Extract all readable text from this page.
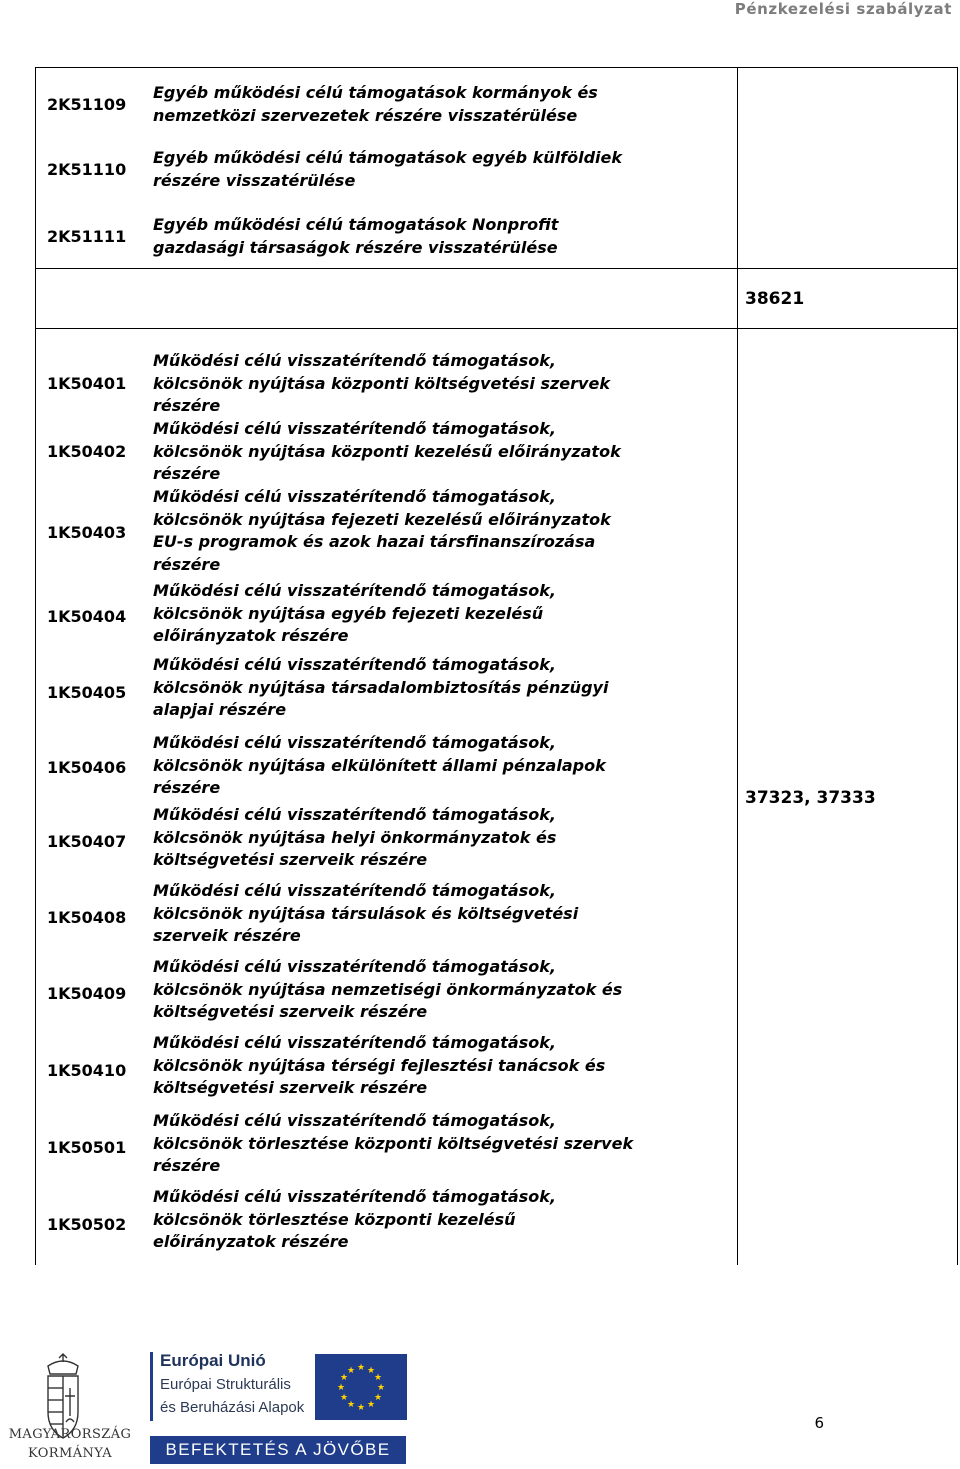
Pénzkezelési szabályzat
2K51109
Egyéb működési célú támogatások kormányok és
nemzetközi szervezetek részére visszatérülése
2K51110
Egyéb működési célú támogatások egyéb külföldiek
részére visszatérülése
2K51111
Egyéb működési célú támogatások Nonprofit
gazdasági társaságok részére visszatérülése
38621
1K50401
Működési célú visszatérítendő támogatások,
kölcsönök nyújtása központi költségvetési szervek
részére
1K50402
Működési célú visszatérítendő támogatások,
kölcsönök nyújtása központi kezelésű előirányzatok
részére
1K50403
Működési célú visszatérítendő támogatások,
kölcsönök nyújtása fejezeti kezelésű előirányzatok
EU-s programok és azok hazai társfinanszírozása
részére
1K50404
Működési célú visszatérítendő támogatások,
kölcsönök nyújtása egyéb fejezeti kezelésű
előirányzatok részére
1K50405
Működési célú visszatérítendő támogatások,
kölcsönök nyújtása társadalombiztosítás pénzügyi
alapjai részére
1K50406
Működési célú visszatérítendő támogatások,
kölcsönök nyújtása elkülönített állami pénzalapok
részére
1K50407
Működési célú visszatérítendő támogatások,
kölcsönök nyújtása helyi önkormányzatok és
költségvetési szerveik részére
1K50408
Működési célú visszatérítendő támogatások,
kölcsönök nyújtása társulások és költségvetési
szerveik részére
1K50409
Működési célú visszatérítendő támogatások,
kölcsönök nyújtása nemzetiségi önkormányzatok és
költségvetési szerveik részére
1K50410
Működési célú visszatérítendő támogatások,
kölcsönök nyújtása térségi fejlesztési tanácsok és
költségvetési szerveik részére
1K50501
Működési célú visszatérítendő támogatások,
kölcsönök törlesztése központi költségvetési szervek
részére
1K50502
Működési célú visszatérítendő támogatások,
kölcsönök törlesztése központi kezelésű
előirányzatok részére
37323, 37333
MAGYARORSZÁG
KORMÁNYA
Európai Unió
Európai Strukturális
és Beruházási Alapok
★ ★
★
★
★
★
★
★
★
★
★
★
BEFEKTETÉS A JÖVŐBE
6
